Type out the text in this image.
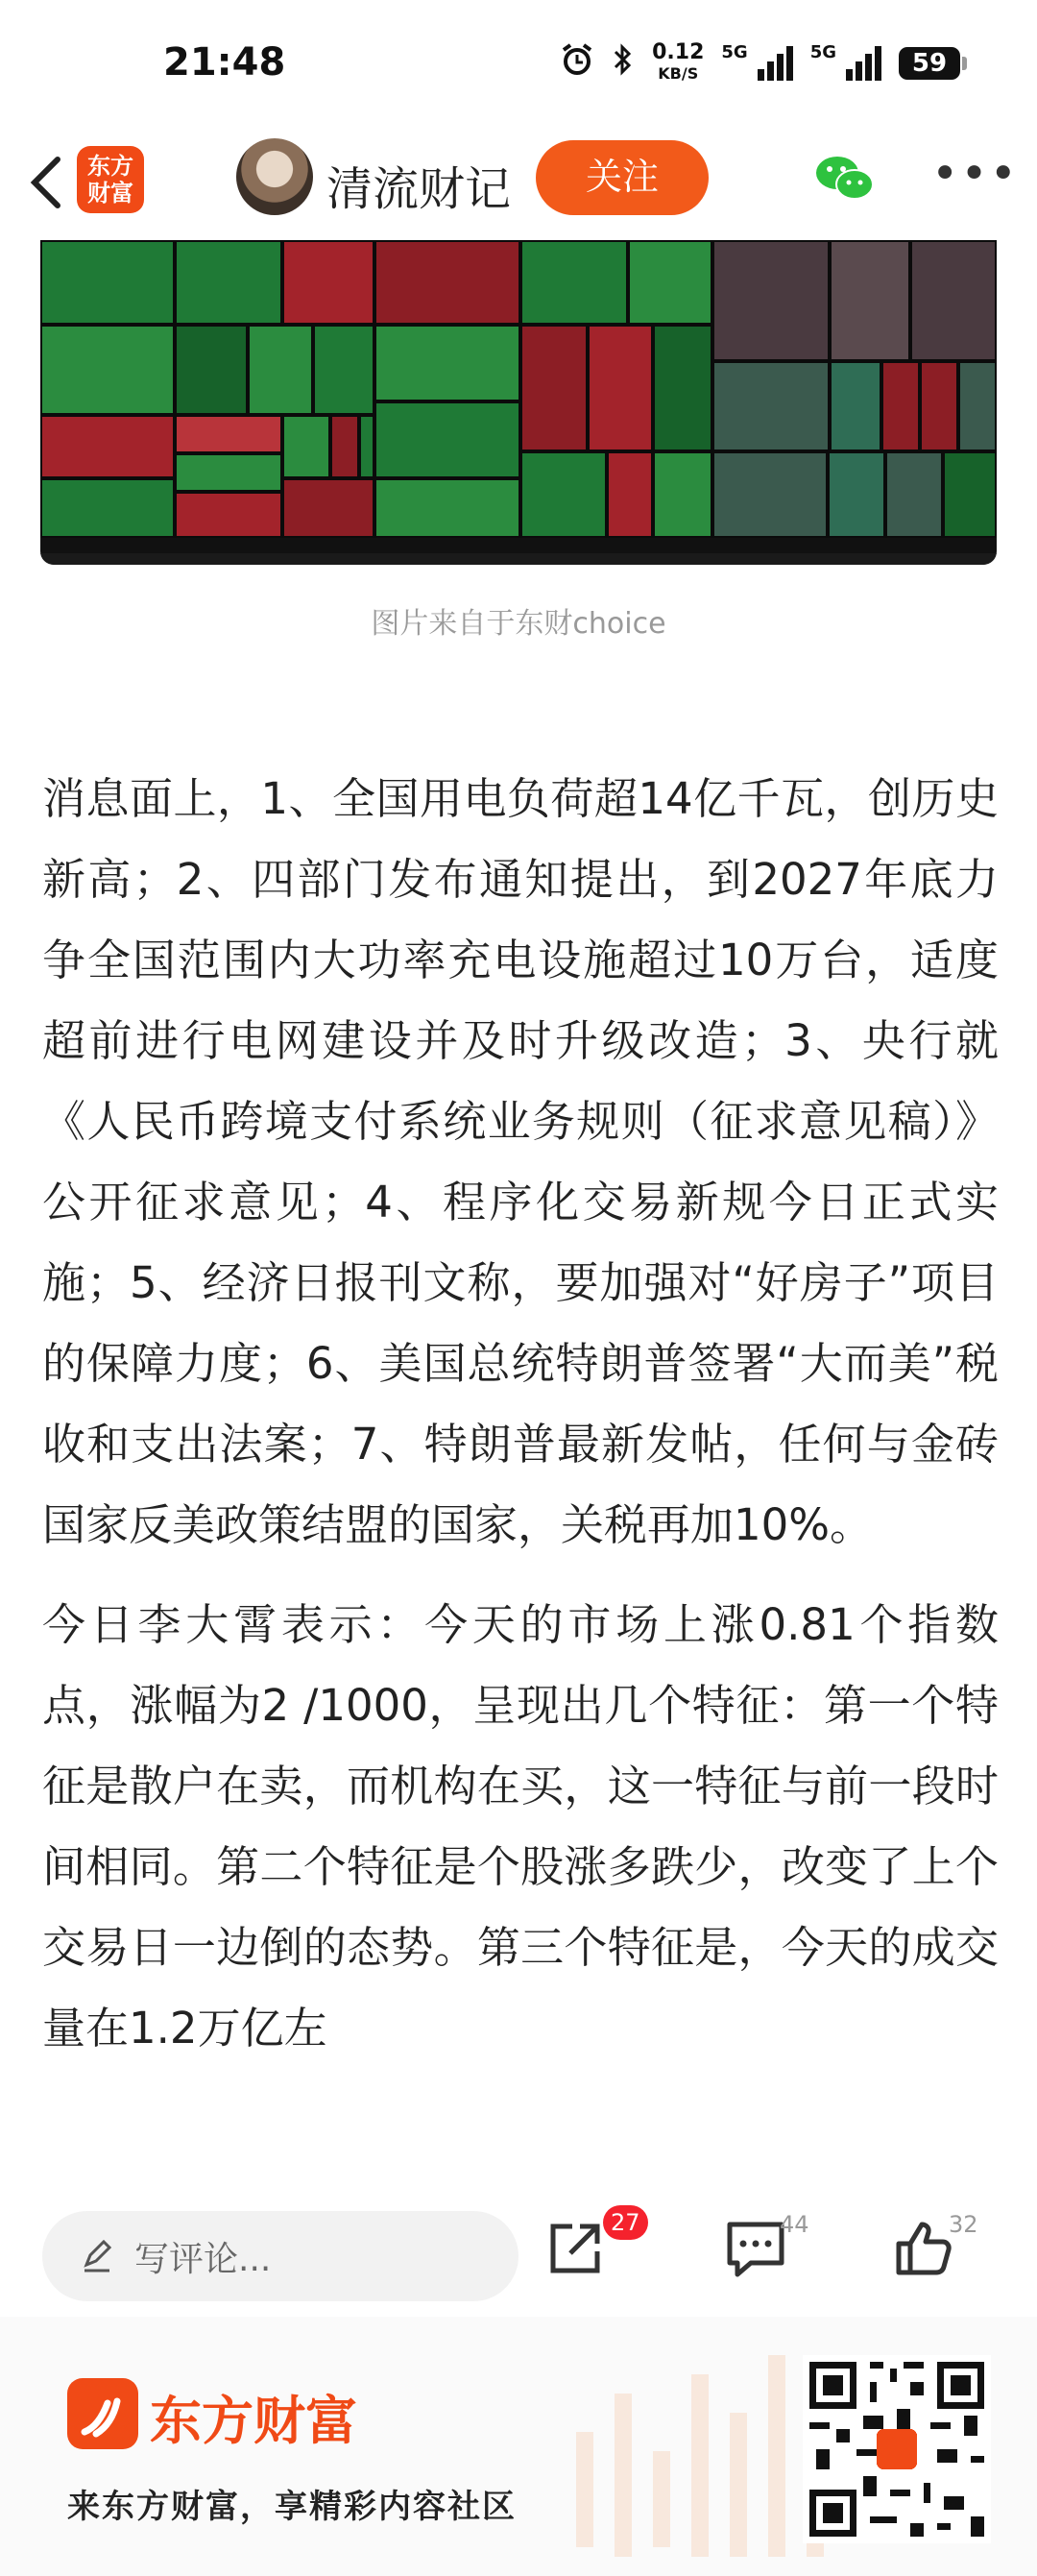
21:48	0.12
KB/S
5G	5G	59
东方财富	清流财记	关注	•••
图片来自于东财choice

消息面上，1、全国用电负荷超14亿千瓦，创历史新高；2、四部门发布通知提出，到2027年底力争全国范围内大功率充电设施超过10万台，适度超前进行电网建设并及时升级改造；3、央行就《人民币跨境支付系统业务规则（征求意见稿）》公开征求意见；4、程序化交易新规今日正式实施；5、经济日报刊文称，要加强对“好房子”项目的保障力度；6、美国总统特朗普签署“大而美”税收和支出法案；7、特朗普最新发帖，任何与金砖国家反美政策结盟的国家，关税再加10%。

今日李大霄表示：今天的市场上涨0.81个指数点，涨幅为2 /1000，呈现出几个特征：第一个特征是散户在卖，而机构在买，这一特征与前一段时间相同。第二个特征是个股涨多跌少，改变了上个交易日一边倒的态势。第三个特征是，今天的成交量在1.2万亿左

写评论...
27	44	32
东方财富
来东方财富，享精彩内容社区
